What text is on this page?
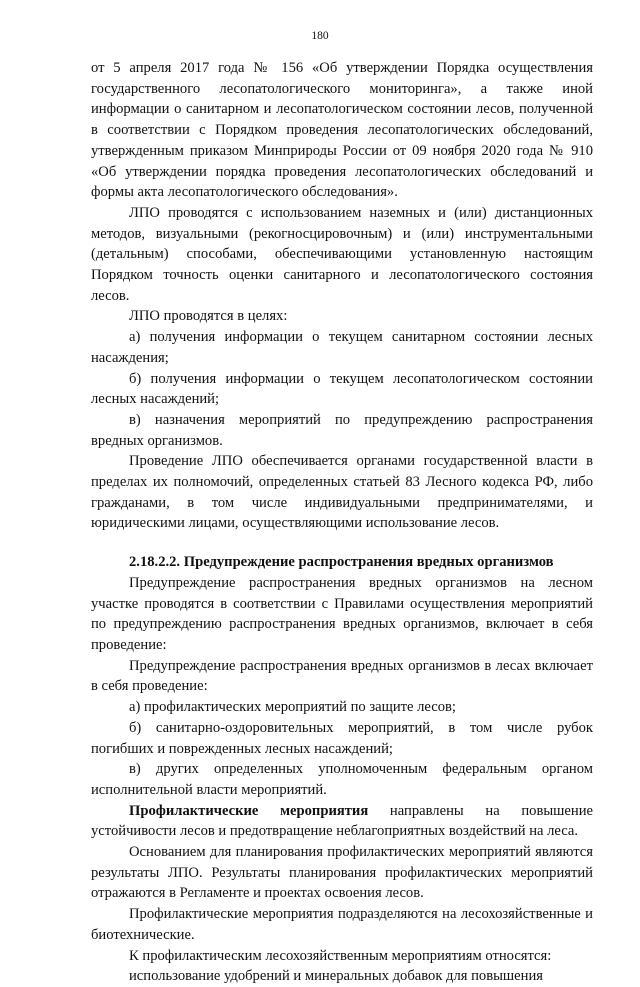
180

от 5 апреля 2017 года № 156 «Об утверждении Порядка осуществления государственного лесопатологического мониторинга», а также иной информации о санитарном и лесопатологическом состоянии лесов, полученной в соответствии с Порядком проведения лесопатологических обследований, утвержденным приказом Минприроды России от 09 ноября 2020 года № 910 «Об утверждении порядка проведения лесопатологических обследований и формы акта лесопатологического обследования».

ЛПО проводятся с использованием наземных и (или) дистанционных методов, визуальными (рекогносцировочным) и (или) инструментальными (детальным) способами, обеспечивающими установленную настоящим Порядком точность оценки санитарного и лесопатологического состояния лесов.

ЛПО проводятся в целях:

а) получения информации о текущем санитарном состоянии лесных насаждения;

б) получения информации о текущем лесопатологическом состоянии лесных насаждений;

в) назначения мероприятий по предупреждению распространения вредных организмов.

Проведение ЛПО обеспечивается органами государственной власти в пределах их полномочий, определенных статьей 83 Лесного кодекса РФ, либо гражданами, в том числе индивидуальными предпринимателями, и юридическими лицами, осуществляющими использование лесов.

2.18.2.2. Предупреждение распространения вредных организмов

Предупреждение распространения вредных организмов на лесном участке проводятся в соответствии с Правилами осуществления мероприятий по предупреждению распространения вредных организмов, включает в себя проведение:

Предупреждение распространения вредных организмов в лесах включает в себя проведение:

а) профилактических мероприятий по защите лесов;

б) санитарно-оздоровительных мероприятий, в том числе рубок погибших и поврежденных лесных насаждений;

в) других определенных уполномоченным федеральным органом исполнительной власти мероприятий.

Профилактические мероприятия направлены на повышение устойчивости лесов и предотвращение неблагоприятных воздействий на леса.

Основанием для планирования профилактических мероприятий являются результаты ЛПО. Результаты планирования профилактических мероприятий отражаются в Регламенте и проектах освоения лесов.

Профилактические мероприятия подразделяются на лесохозяйственные и биотехнические.

К профилактическим лесохозяйственным мероприятиям относятся:

использование удобрений и минеральных добавок для повышения
